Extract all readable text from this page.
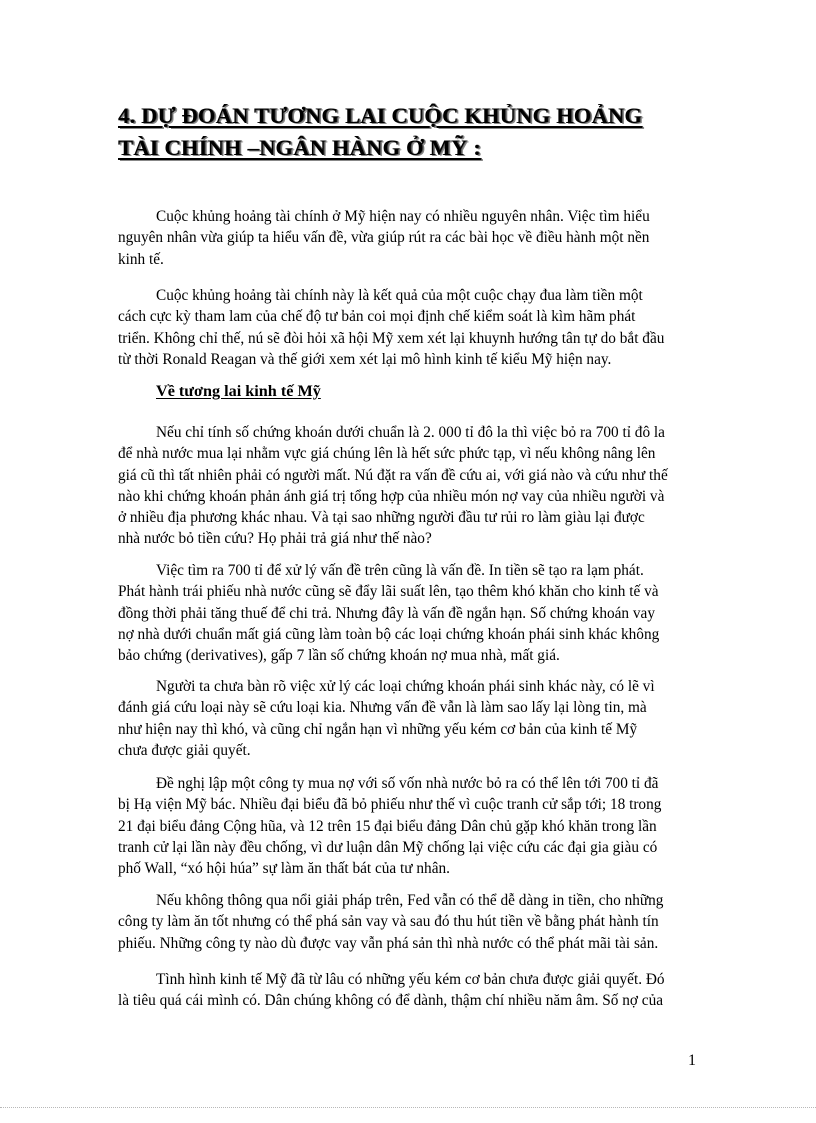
4. DỰ ĐOÁN TƯƠNG LAI CUỘC KHỦNG HOẢNG
TÀI CHÍNH –NGÂN HÀNG Ở MỸ :
Cuộc khủng hoảng tài chính ở Mỹ hiện nay có nhiều nguyên nhân. Việc tìm hiểu
nguyên nhân vừa giúp ta hiểu vấn đề, vừa giúp rút ra các bài học về điều hành một nền
kinh tế.
Cuộc khủng hoảng tài chính này là kết quả của một cuộc chạy đua làm tiền một
cách cực kỳ tham lam của chế độ tư bản coi mọi định chế kiểm soát là kìm hãm phát
triển. Không chỉ thế, nú sẽ đòi hỏi xã hội Mỹ xem xét lại khuynh hướng tân tự do bắt đầu
từ thời Ronald Reagan và thế giới xem xét lại mô hình kinh tế kiểu Mỹ hiện nay.
Về tương lai kinh tế Mỹ
Nếu chỉ tính số chứng khoán dưới chuẩn là 2. 000 tỉ đô la thì việc bỏ ra 700 tỉ đô la
để nhà nước mua lại nhằm vực giá chúng lên là hết sức phức tạp, vì nếu không nâng lên
giá cũ thì tất nhiên phải có người mất. Nú đặt ra vấn đề cứu ai, với giá nào và cứu như thế
nào khi chứng khoán phản ánh giá trị tổng hợp của nhiều món nợ vay của nhiều người và
ở nhiều địa phương khác nhau. Và tại sao những người đầu tư rủi ro làm giàu lại được
nhà nước bỏ tiền cứu? Họ phải trả giá như thế nào?
Việc tìm ra 700 tỉ để xử lý vấn đề trên cũng là vấn đề. In tiền sẽ tạo ra lạm phát.
Phát hành trái phiếu nhà nước cũng sẽ đẩy lãi suất lên, tạo thêm khó khăn cho kinh tế và
đồng thời phải tăng thuế để chi trả. Nhưng đây là vấn đề ngắn hạn. Số chứng khoán vay
nợ nhà dưới chuẩn mất giá cũng làm toàn bộ các loại chứng khoán phái sinh khác không
bảo chứng (derivatives), gấp 7 lần số chứng khoán nợ mua nhà, mất giá.
Người ta chưa bàn rõ việc xử lý các loại chứng khoán phái sinh khác này, có lẽ vì
đánh giá cứu loại này sẽ cứu loại kia. Nhưng vấn đề vẫn là làm sao lấy lại lòng tin, mà
như hiện nay thì khó, và cũng chỉ ngắn hạn vì những yếu kém cơ bản của kinh tế Mỹ
chưa được giải quyết.
Đề nghị lập một công ty mua nợ với số vốn nhà nước bỏ ra có thể lên tới 700 tỉ đã
bị Hạ viện Mỹ bác. Nhiều đại biểu đã bỏ phiếu như thế vì cuộc tranh cử sắp tới; 18 trong
21 đại biểu đảng Cộng hũa, và 12 trên 15 đại biểu đảng Dân chủ gặp khó khăn trong lần
tranh cử lại lần này đều chống, vì dư luận dân Mỹ chống lại việc cứu các đại gia giàu có
phố Wall, “xó hội húa” sự làm ăn thất bát của tư nhân.
Nếu không thông qua nổi giải pháp trên, Fed vẫn có thể dễ dàng in tiền, cho những
công ty làm ăn tốt nhưng có thể phá sản vay và sau đó thu hút tiền về bằng phát hành tín
phiếu. Những công ty nào dù được vay vẫn phá sản thì nhà nước có thể phát mãi tài sản.
Tình hình kinh tế Mỹ đã từ lâu có những yếu kém cơ bản chưa được giải quyết. Đó
là tiêu quá cái mình có. Dân chúng không có để dành, thậm chí nhiều năm âm. Số nợ của
1
